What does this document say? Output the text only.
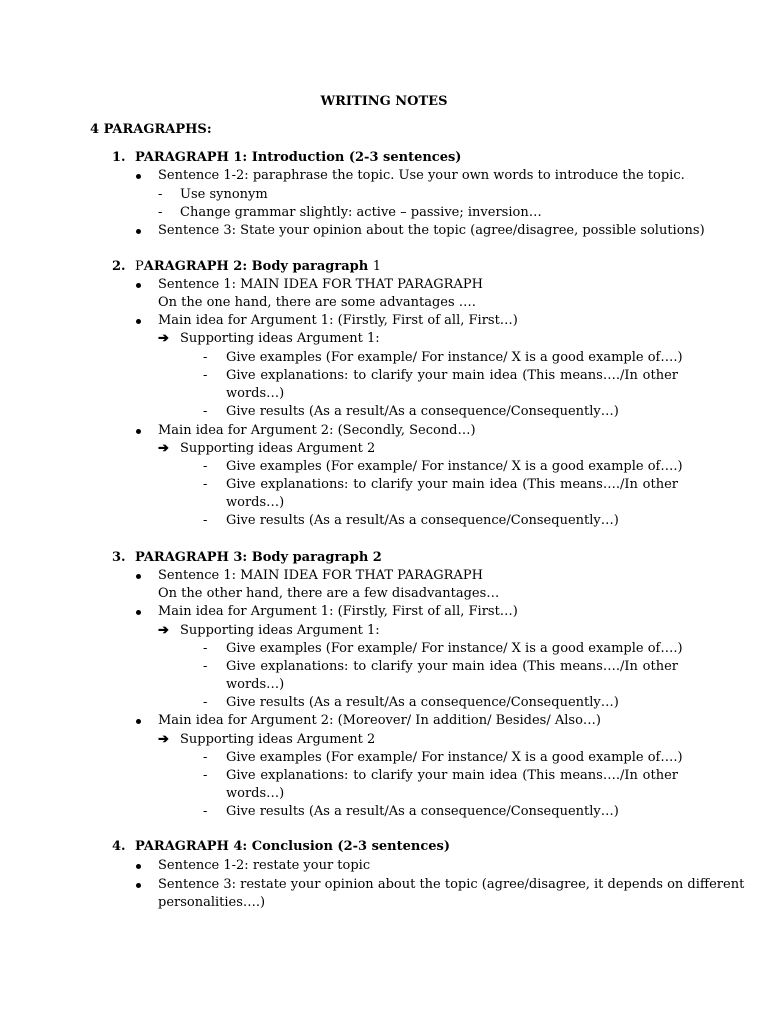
WRITING NOTES
4 PARAGRAPHS:
1. PARAGRAPH 1: Introduction (2-3 sentences)
Sentence 1-2: paraphrase the topic. Use your own words to introduce the topic.
- Use synonym
- Change grammar slightly: active – passive; inversion…
Sentence 3: State your opinion about the topic (agree/disagree, possible solutions)
2. PARAGRAPH 2: Body paragraph 1
Sentence 1: MAIN IDEA FOR THAT PARAGRAPH
On the one hand, there are some advantages ….
Main idea for Argument 1: (Firstly, First of all, First…)
➔ Supporting ideas Argument 1:
- Give examples (For example/ For instance/ X is a good example of….)
- Give explanations: to clarify your main idea (This means…./In other
words…)
- Give results (As a result/As a consequence/Consequently…)
Main idea for Argument 2: (Secondly, Second…)
➔ Supporting ideas Argument 2
- Give examples (For example/ For instance/ X is a good example of….)
- Give explanations: to clarify your main idea (This means…./In other
words…)
- Give results (As a result/As a consequence/Consequently…)
3. PARAGRAPH 3: Body paragraph 2
Sentence 1: MAIN IDEA FOR THAT PARAGRAPH
On the other hand, there are a few disadvantages…
Main idea for Argument 1: (Firstly, First of all, First…)
➔ Supporting ideas Argument 1:
- Give examples (For example/ For instance/ X is a good example of….)
- Give explanations: to clarify your main idea (This means…./In other
words…)
- Give results (As a result/As a consequence/Consequently…)
Main idea for Argument 2: (Moreover/ In addition/ Besides/ Also…)
➔ Supporting ideas Argument 2
- Give examples (For example/ For instance/ X is a good example of….)
- Give explanations: to clarify your main idea (This means…./In other
words…)
- Give results (As a result/As a consequence/Consequently…)
4. PARAGRAPH 4: Conclusion (2-3 sentences)
Sentence 1-2: restate your topic
Sentence 3: restate your opinion about the topic (agree/disagree, it depends on different
personalities….)
